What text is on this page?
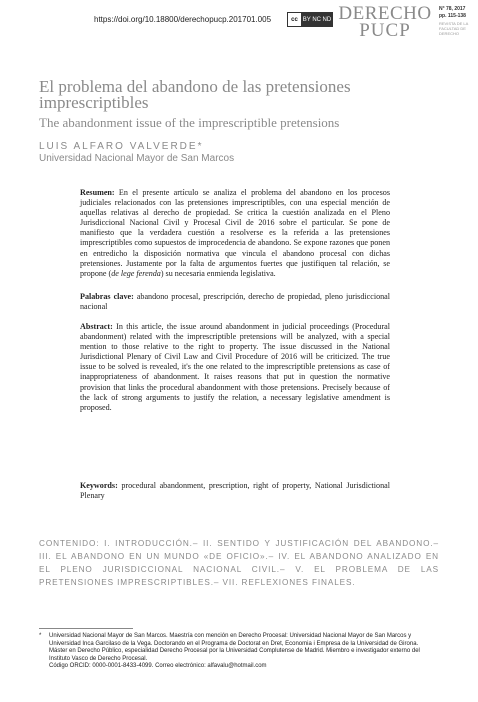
https://doi.org/10.18800/derechopucp.201701.005	cc BY NC ND DERECHO
PUCP
N° 78, 2017
pp. 115-138
REVISTA DE LA FACULTAD DE DERECHO
El problema del abandono de las pretensiones imprescriptibles
The abandonment issue of the imprescriptible pretensions
LUIS ALFARO VALVERDE*
Universidad Nacional Mayor de San Marcos
Resumen: En el presente artículo se analiza el problema del abandono en los procesos judiciales relacionados con las pretensiones imprescriptibles, con una especial mención de aquellas relativas al derecho de propiedad. Se critica la cuestión analizada en el Pleno Jurisdiccional Nacional Civil y Procesal Civil de 2016 sobre el particular. Se pone de manifiesto que la verdadera cuestión a resolverse es la referida a las pretensiones imprescriptibles como supuestos de improcedencia de abandono. Se expone razones que ponen en entredicho la disposición normativa que vincula el abandono procesal con dichas pretensiones. Justamente por la falta de argumentos fuertes que justifiquen tal relación, se propone (de lege ferenda) su necesaria enmienda legislativa.
Palabras clave: abandono procesal, prescripción, derecho de propiedad, pleno jurisdiccional nacional
Abstract: In this article, the issue around abandonment in judicial proceedings (Procedural abandonment) related with the imprescriptible pretensions will be analyzed, with a special mention to those relative to the right to property. The issue discussed in the National Jurisdictional Plenary of Civil Law and Civil Procedure of 2016 will be criticized. The true issue to be solved is revealed, it's the one related to the imprescriptible pretensions as case of inappropriateness of abandonment. It raises reasons that put in question the normative provision that links the procedural abandonment with those pretensions. Precisely because of the lack of strong arguments to justify the relation, a necessary legislative amendment is proposed.
Keywords: procedural abandonment, prescription, right of property, National Jurisdictional Plenary
CONTENIDO: I. INTRODUCCIÓN.– II. SENTIDO Y JUSTIFICACIÓN DEL ABANDONO.– III. EL ABANDONO EN UN MUNDO «DE OFICIO».– IV. EL ABANDONO ANALIZADO EN EL PLENO JURISDICCIONAL NACIONAL CIVIL.– V. EL PROBLEMA DE LAS PRETENSIONES IMPRESCRIPTIBLES.– VII. REFLEXIONES FINALES.
* Universidad Nacional Mayor de San Marcos. Maestría con mención en Derecho Procesal: Universidad Nacional Mayor de San Marcos y Universidad Inca Garcilaso de la Vega. Doctorando en el Programa de Doctorat en Dret, Economia i Empresa de la Universidad de Girona. Máster en Derecho Público, especialidad Derecho Procesal por la Universidad Complutense de Madrid. Miembro e investigador externo del Instituto Vasco de Derecho Procesal.
Código ORCID: 0000-0001-8433-4099. Correo electrónico: alfavalu@hotmail.com
